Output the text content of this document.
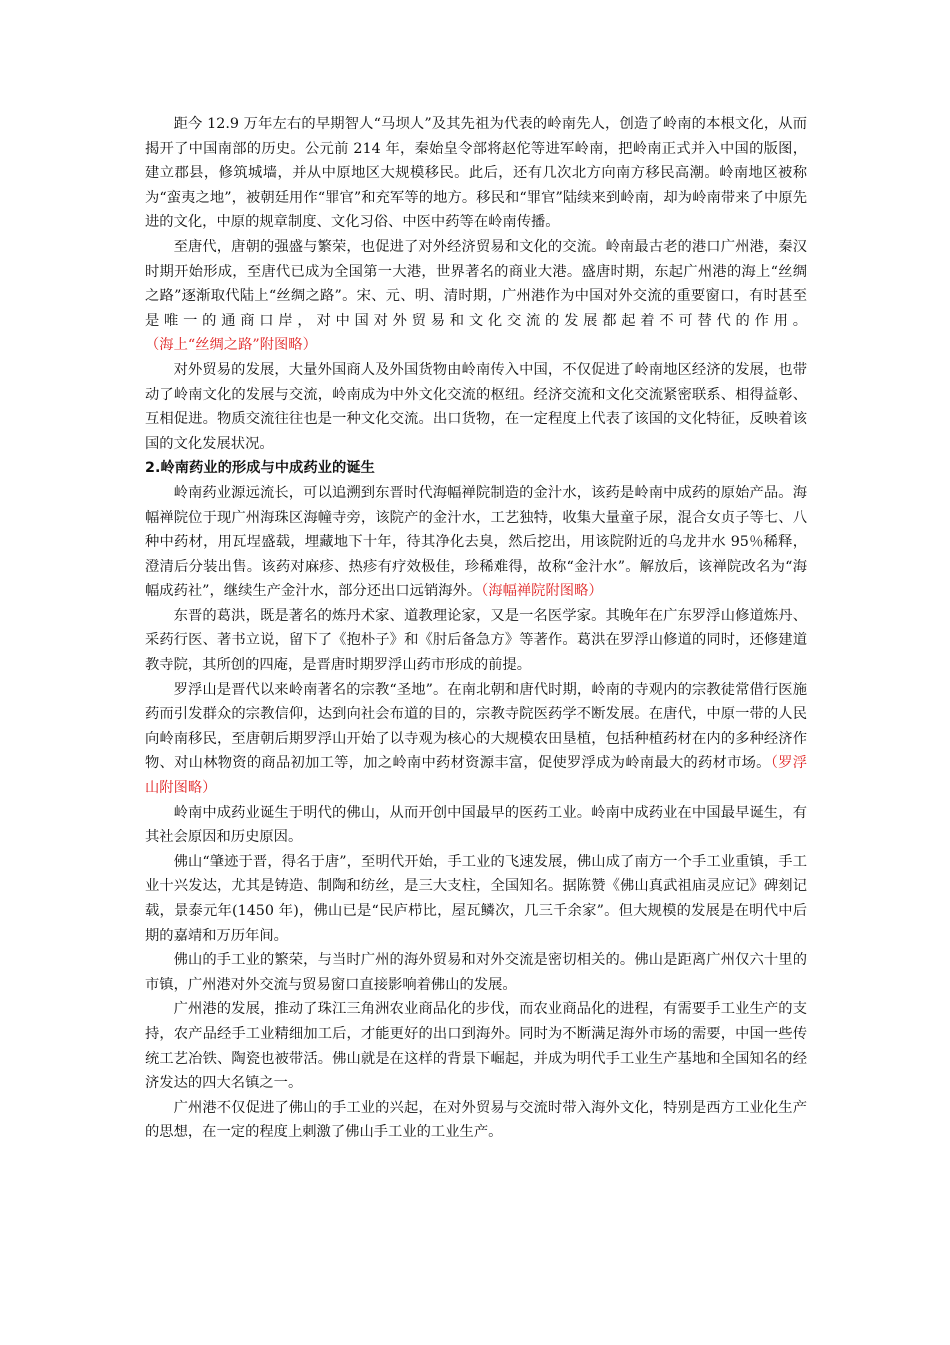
距今 12.9 万年左右的早期智人“马坝人”及其先祖为代表的岭南先人，创造了岭南的本根文化，从而揭开了中国南部的历史。公元前 214 年，秦始皇令部将赵佗等进军岭南，把岭南正式并入中国的版图，建立郡县，修筑城墙，并从中原地区大规模移民。此后，还有几次北方向南方移民高潮。岭南地区被称为“蛮夷之地”，被朝廷用作“罪官”和充军等的地方。移民和“罪官”陆续来到岭南，却为岭南带来了中原先进的文化，中原的规章制度、文化习俗、中医中药等在岭南传播。

至唐代，唐朝的强盛与繁荣，也促进了对外经济贸易和文化的交流。岭南最古老的港口广州港，秦汉时期开始形成，至唐代已成为全国第一大港，世界著名的商业大港。盛唐时期，东起广州港的海上“丝绸之路”逐渐取代陆上“丝绸之路”。宋、元、明、清时期，广州港作为中国对外交流的重要窗口，有时甚至是唯一的通商口岸，对中国对外贸易和文化交流的发展都起着不可替代的作用。（海上“丝绸之路”附图略）

对外贸易的发展，大量外国商人及外国货物由岭南传入中国，不仅促进了岭南地区经济的发展，也带动了岭南文化的发展与交流，岭南成为中外文化交流的枢纽。经济交流和文化交流紧密联系、相得益彰、互相促进。物质交流往往也是一种文化交流。出口货物，在一定程度上代表了该国的文化特征，反映着该国的文化发展状况。

2.岭南药业的形成与中成药业的诞生

岭南药业源远流长，可以追溯到东晋时代海幅禅院制造的金汁水，该药是岭南中成药的原始产品。海幅禅院位于现广州海珠区海幢寺旁，该院产的金汁水，工艺独特，收集大量童子尿，混合女贞子等七、八种中药材，用瓦埕盛载，埋藏地下十年，待其净化去臭，然后挖出，用该院附近的乌龙井水 95％稀释，澄清后分装出售。该药对麻疹、热疹有疗效极佳，珍稀难得，故称“金汁水”。解放后，该禅院改名为“海幅成药社”，继续生产金汁水，部分还出口远销海外。（海幅禅院附图略）

东晋的葛洪，既是著名的炼丹术家、道教理论家，又是一名医学家。其晚年在广东罗浮山修道炼丹、采药行医、著书立说，留下了《抱朴子》和《肘后备急方》等著作。葛洪在罗浮山修道的同时，还修建道教寺院，其所创的四庵，是晋唐时期罗浮山药市形成的前提。

罗浮山是晋代以来岭南著名的宗教“圣地”。在南北朝和唐代时期，岭南的寺观内的宗教徒常借行医施药而引发群众的宗教信仰，达到向社会布道的目的，宗教寺院医药学不断发展。在唐代，中原一带的人民向岭南移民，至唐朝后期罗浮山开始了以寺观为核心的大规模农田垦植，包括种植药材在内的多种经济作物、对山林物资的商品初加工等，加之岭南中药材资源丰富，促使罗浮成为岭南最大的药材市场。（罗浮山附图略）

岭南中成药业诞生于明代的佛山，从而开创中国最早的医药工业。岭南中成药业在中国最早诞生，有其社会原因和历史原因。

佛山“肇迹于晋，得名于唐”，至明代开始，手工业的飞速发展，佛山成了南方一个手工业重镇，手工业十兴发达，尤其是铸造、制陶和纺丝，是三大支柱，全国知名。据陈赞《佛山真武祖庙灵应记》碑刻记载，景泰元年(1450 年)，佛山已是“民庐栉比，屋瓦鳞次，几三千余家”。但大规模的发展是在明代中后期的嘉靖和万历年间。

佛山的手工业的繁荣，与当时广州的海外贸易和对外交流是密切相关的。佛山是距离广州仅六十里的市镇，广州港对外交流与贸易窗口直接影响着佛山的发展。

广州港的发展，推动了珠江三角洲农业商品化的步伐，而农业商品化的进程，有需要手工业生产的支持，农产品经手工业精细加工后，才能更好的出口到海外。同时为不断满足海外市场的需要，中国一些传统工艺冶铁、陶瓷也被带活。佛山就是在这样的背景下崛起，并成为明代手工业生产基地和全国知名的经济发达的四大名镇之一。

广州港不仅促进了佛山的手工业的兴起，在对外贸易与交流时带入海外文化，特别是西方工业化生产的思想，在一定的程度上刺激了佛山手工业的工业生产。
